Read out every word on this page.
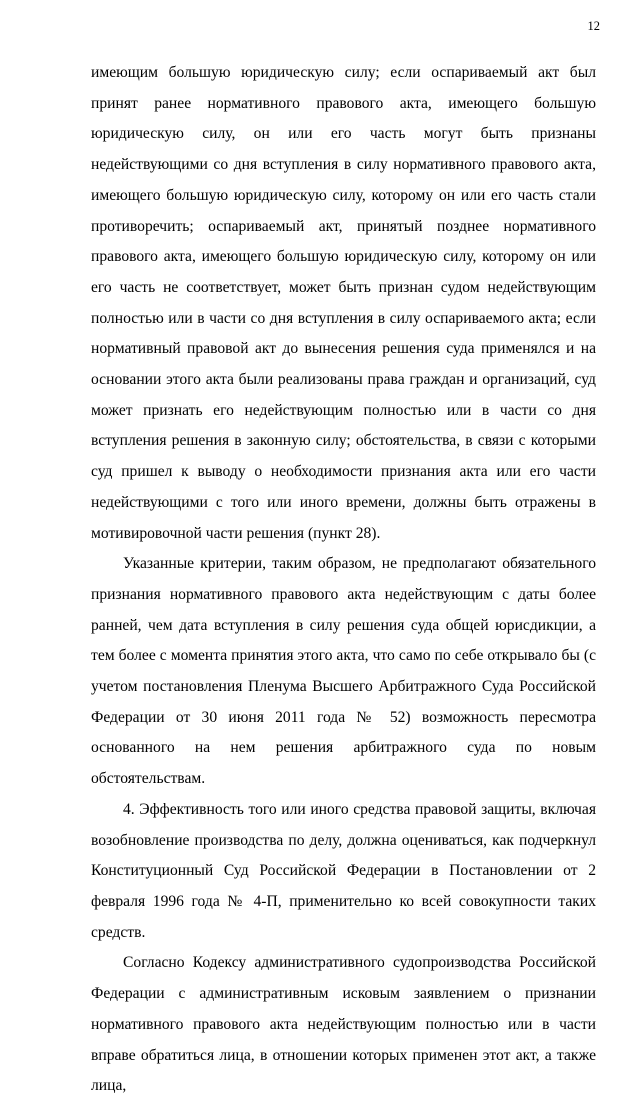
12

имеющим большую юридическую силу; если оспариваемый акт был принят ранее нормативного правового акта, имеющего большую юридическую силу, он или его часть могут быть признаны недействующими со дня вступления в силу нормативного правового акта, имеющего большую юридическую силу, которому он или его часть стали противоречить; оспариваемый акт, принятый позднее нормативного правового акта, имеющего большую юридическую силу, которому он или его часть не соответствует, может быть признан судом недействующим полностью или в части со дня вступления в силу оспариваемого акта; если нормативный правовой акт до вынесения решения суда применялся и на основании этого акта были реализованы права граждан и организаций, суд может признать его недействующим полностью или в части со дня вступления решения в законную силу; обстоятельства, в связи с которыми суд пришел к выводу о необходимости признания акта или его части недействующими с того или иного времени, должны быть отражены в мотивировочной части решения (пункт 28).

Указанные критерии, таким образом, не предполагают обязательного признания нормативного правового акта недействующим с даты более ранней, чем дата вступления в силу решения суда общей юрисдикции, а тем более с момента принятия этого акта, что само по себе открывало бы (с учетом постановления Пленума Высшего Арбитражного Суда Российской Федерации от 30 июня 2011 года № 52) возможность пересмотра основанного на нем решения арбитражного суда по новым обстоятельствам.

4. Эффективность того или иного средства правовой защиты, включая возобновление производства по делу, должна оцениваться, как подчеркнул Конституционный Суд Российской Федерации в Постановлении от 2 февраля 1996 года № 4-П, применительно ко всей совокупности таких средств.

Согласно Кодексу административного судопроизводства Российской Федерации с административным исковым заявлением о признании нормативного правового акта недействующим полностью или в части вправе обратиться лица, в отношении которых применен этот акт, а также лица,
